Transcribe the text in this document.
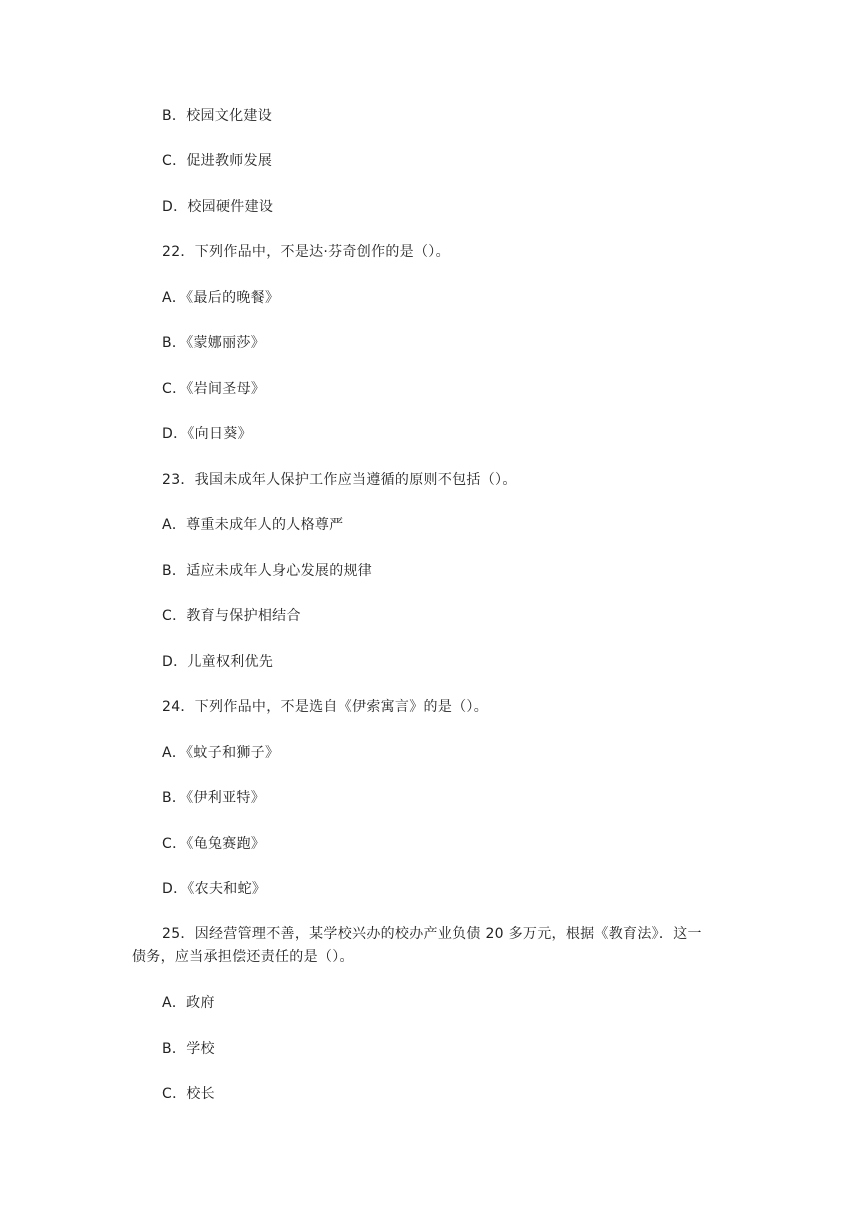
B．校园文化建设
C．促进教师发展
D．校园硬件建设
22．下列作品中，不是达·芬奇创作的是（）。
A．《最后的晚餐》
B．《蒙娜丽莎》
C．《岩间圣母》
D．《向日葵》
23．我国未成年人保护工作应当遵循的原则不包括（）。
A．尊重未成年人的人格尊严
B．适应未成年人身心发展的规律
C．教育与保护相结合
D．儿童权利优先
24．下列作品中，不是选自《伊索寓言》的是（）。
A．《蚊子和狮子》
B．《伊利亚特》
C．《龟兔赛跑》
D．《农夫和蛇》
25．因经营管理不善，某学校兴办的校办产业负债 20 多万元，根据《教育法》．这一
债务，应当承担偿还责任的是（）。
A．政府
B．学校
C．校长
